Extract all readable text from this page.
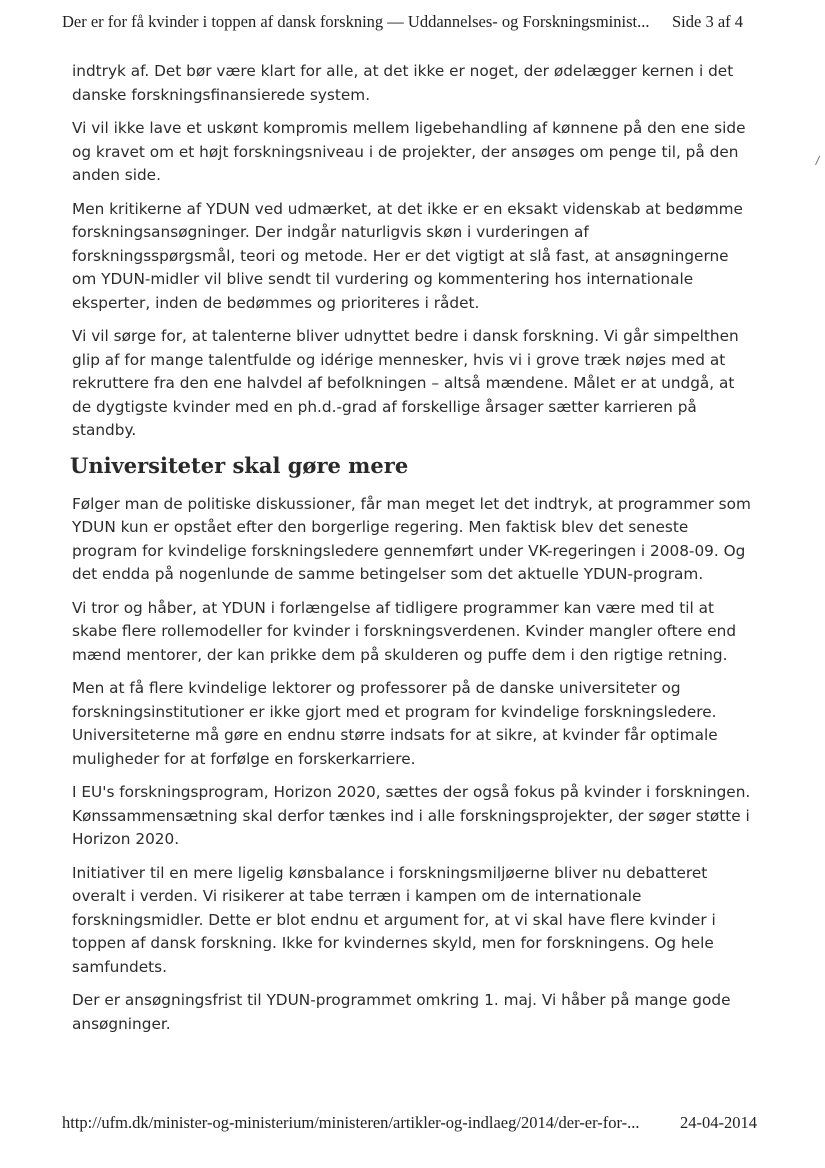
Der er for få kvinder i toppen af dansk forskning — Uddannelses- og Forskningsminist... Side 3 af 4

indtryk af. Det bør være klart for alle, at det ikke er noget, der ødelægger kernen i det danske forskningsfinansierede system.

Vi vil ikke lave et uskønt kompromis mellem ligebehandling af kønnene på den ene side og kravet om et højt forskningsniveau i de projekter, der ansøges om penge til, på den anden side.

Men kritikerne af YDUN ved udmærket, at det ikke er en eksakt videnskab at bedømme forskningsansøgninger. Der indgår naturligvis skøn i vurderingen af forskningsspørgsmål, teori og metode. Her er det vigtigt at slå fast, at ansøgningerne om YDUN-midler vil blive sendt til vurdering og kommentering hos internationale eksperter, inden de bedømmes og prioriteres i rådet.

Vi vil sørge for, at talenterne bliver udnyttet bedre i dansk forskning. Vi går simpelthen glip af for mange talentfulde og idérige mennesker, hvis vi i grove træk nøjes med at rekruttere fra den ene halvdel af befolkningen – altså mændene. Målet er at undgå, at de dygtigste kvinder med en ph.d.-grad af forskellige årsager sætter karrieren på standby.

Universiteter skal gøre mere

Følger man de politiske diskussioner, får man meget let det indtryk, at programmer som YDUN kun er opstået efter den borgerlige regering. Men faktisk blev det seneste program for kvindelige forskningsledere gennemført under VK-regeringen i 2008-09. Og det endda på nogenlunde de samme betingelser som det aktuelle YDUN-program.

Vi tror og håber, at YDUN i forlængelse af tidligere programmer kan være med til at skabe flere rollemodeller for kvinder i forskningsverdenen. Kvinder mangler oftere end mænd mentorer, der kan prikke dem på skulderen og puffe dem i den rigtige retning.

Men at få flere kvindelige lektorer og professorer på de danske universiteter og forskningsinstitutioner er ikke gjort med et program for kvindelige forskningsledere. Universiteterne må gøre en endnu større indsats for at sikre, at kvinder får optimale muligheder for at forfølge en forskerkarriere.

I EU's forskningsprogram, Horizon 2020, sættes der også fokus på kvinder i forskningen. Kønssammensætning skal derfor tænkes ind i alle forskningsprojekter, der søger støtte i Horizon 2020.

Initiativer til en mere ligelig kønsbalance i forskningsmiljøerne bliver nu debatteret overalt i verden. Vi risikerer at tabe terræn i kampen om de internationale forskningsmidler. Dette er blot endnu et argument for, at vi skal have flere kvinder i toppen af dansk forskning. Ikke for kvindernes skyld, men for forskningens. Og hele samfundets.

Der er ansøgningsfrist til YDUN-programmet omkring 1. maj. Vi håber på mange gode ansøgninger.

http://ufm.dk/minister-og-ministerium/ministeren/artikler-og-indlaeg/2014/der-er-for-... 24-04-2014
